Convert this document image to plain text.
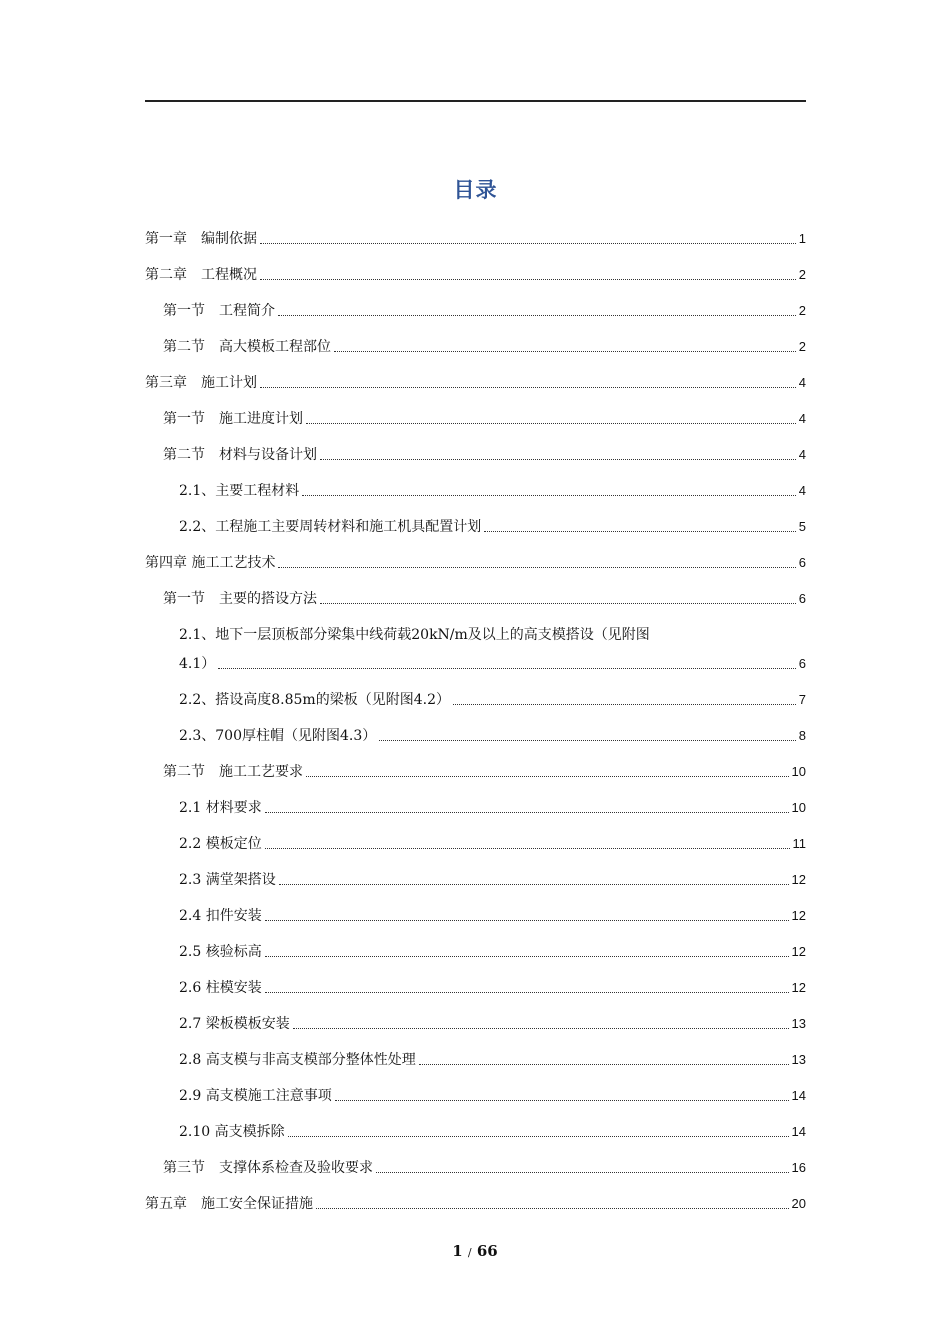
目录
第一章　编制依据	1
第二章　工程概况	2
第一节　工程简介	2
第二节　高大模板工程部位	2
第三章　施工计划	4
第一节　施工进度计划	4
第二节　材料与设备计划	4
2.1、主要工程材料	4
2.2、工程施工主要周转材料和施工机具配置计划	5
第四章 施工工艺技术	6
第一节　主要的搭设方法	6
2.1、地下一层顶板部分梁集中线荷载20kN/m及以上的高支模搭设（见附图
4.1）	6
2.2、搭设高度8.85m的梁板（见附图4.2）	7
2.3、700厚柱帽（见附图4.3）	8
第二节　施工工艺要求	10
2.1 材料要求	10
2.2 模板定位	11
2.3 满堂架搭设	12
2.4 扣件安装	12
2.5 核验标高	12
2.6 柱模安装	12
2.7 梁板模板安装	13
2.8 高支模与非高支模部分整体性处理	13
2.9 高支模施工注意事项	14
2.10 高支模拆除	14
第三节　支撑体系检查及验收要求	16
第五章　施工安全保证措施	20
1 / 66
